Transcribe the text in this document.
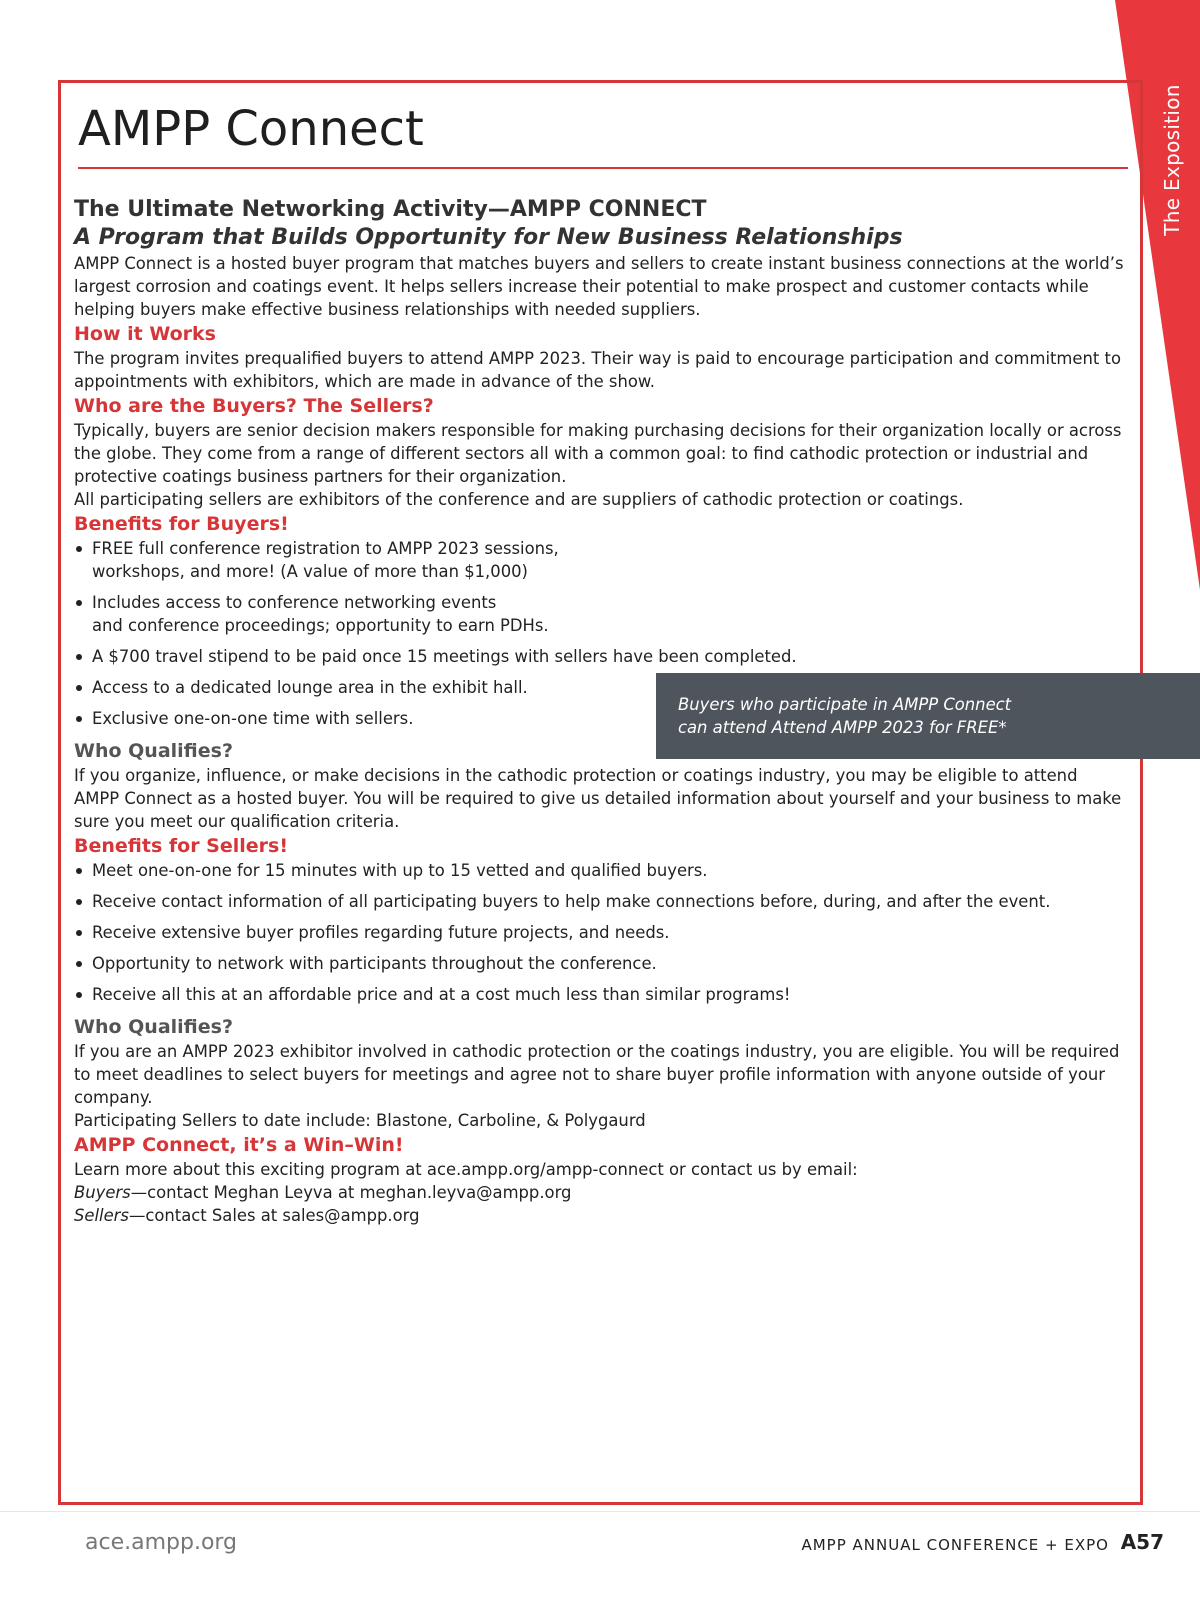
The Exposition
AMPP Connect

The Ultimate Networking Activity—AMPP CONNECT

A Program that Builds Opportunity for New Business Relationships

AMPP Connect is a hosted buyer program that matches buyers and sellers to create instant business connections at the world’s largest corrosion and coatings event. It helps sellers increase their potential to make prospect and customer contacts while helping buyers make effective business relationships with needed suppliers.

How it Works

The program invites prequalified buyers to attend AMPP 2023. Their way is paid to encourage participation and commitment to appointments with exhibitors, which are made in advance of the show.

Who are the Buyers? The Sellers?

Typically, buyers are senior decision makers responsible for making purchasing decisions for their organization locally or across the globe. They come from a range of different sectors all with a common goal: to find cathodic protection or industrial and protective coatings business partners for their organization.

All participating sellers are exhibitors of the conference and are suppliers of cathodic protection or coatings.

Benefits for Buyers!

FREE full conference registration to AMPP 2023 sessions,
workshops, and more! (A value of more than $1,000)
Includes access to conference networking events
and conference proceedings; opportunity to earn PDHs.
A $700 travel stipend to be paid once 15 meetings with sellers have been completed.
Access to a dedicated lounge area in the exhibit hall.
Exclusive one-on-one time with sellers.

Who Qualifies?

If you organize, influence, or make decisions in the cathodic protection or coatings industry, you may be eligible to attend AMPP Connect as a hosted buyer. You will be required to give us detailed information about yourself and your business to make sure you meet our qualification criteria.

Benefits for Sellers!

Meet one-on-one for 15 minutes with up to 15 vetted and qualified buyers.
Receive contact information of all participating buyers to help make connections before, during, and after the event.
Receive extensive buyer profiles regarding future projects, and needs.
Opportunity to network with participants throughout the conference.
Receive all this at an affordable price and at a cost much less than similar programs!

Who Qualifies?

If you are an AMPP 2023 exhibitor involved in cathodic protection or the coatings industry, you are eligible. You will be required to meet deadlines to select buyers for meetings and agree not to share buyer profile information with anyone outside of your company.

Participating Sellers to date include: Blastone, Carboline, & Polygaurd

AMPP Connect, it’s a Win–Win!

Learn more about this exciting program at ace.ampp.org/ampp-connect or contact us by email:

Buyers—contact Meghan Leyva at meghan.leyva@ampp.org

Sellers—contact Sales at sales@ampp.org

Buyers who participate in AMPP Connect
can attend Attend AMPP 2023 for FREE*
ace.ampp.org	AMPP ANNUAL CONFERENCE + EXPO A57
